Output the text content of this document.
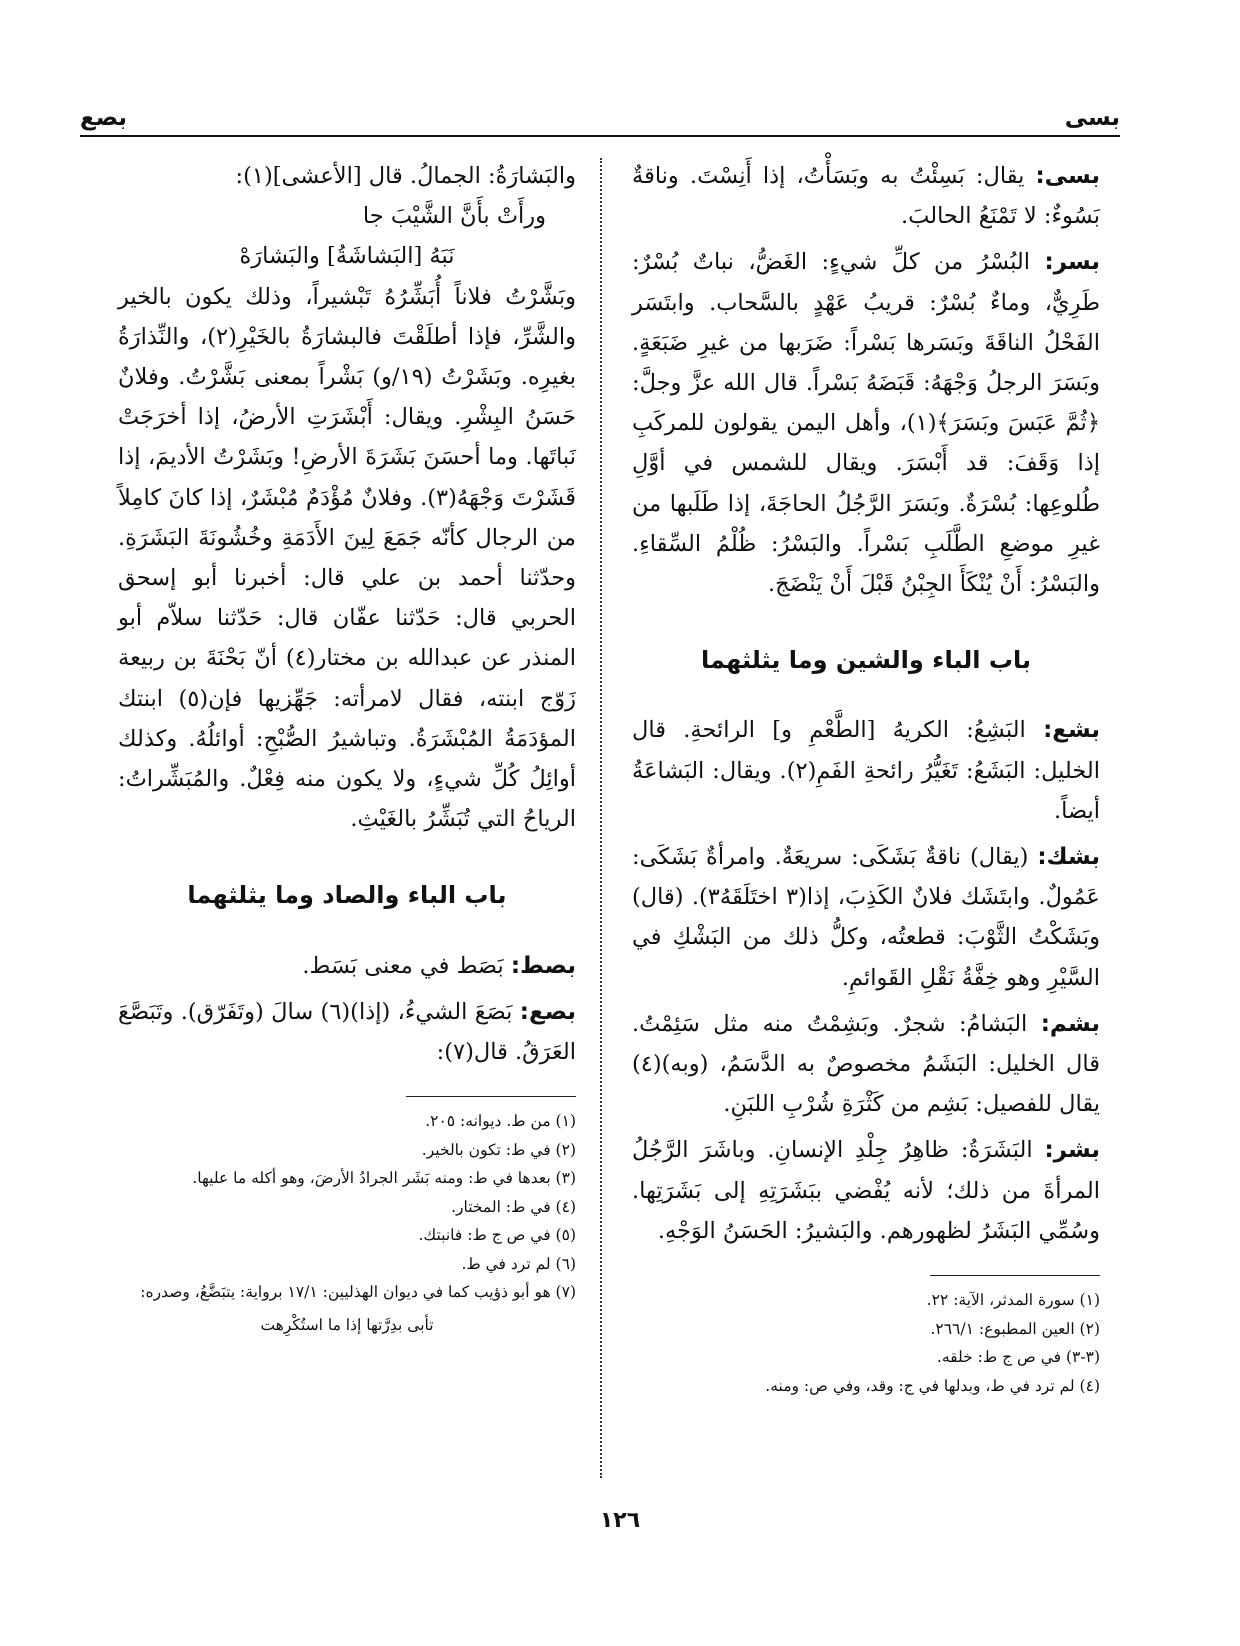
بسى
بصع
بسى: يقال: بَسِئْتُ به وبَسَأْتُ، إذا أَنِسْتَ. وناقةٌ بَسُوءٌ: لا تَمْنَعُ الحالبَ.
بسر: البُسْرُ من كلِّ شيءٍ: الغَضُّ، نباتٌ بُسْرٌ: طَرِيٌّ، وماءٌ بُسْرٌ: قريبُ عَهْدٍ بالسَّحاب. وابتَسَر الفَحْلُ الناقَةَ وبَسَرها بَسْراً: ضَرَبها من غيرِ ضَبَعَةٍ. وبَسَرَ الرجلُ وَجْهَهُ: قَبَضَهُ بَسْراً. قال الله عزَّ وجلَّ: ﴿ثُمَّ عَبَسَ وبَسَرَ﴾(١)، وأهل اليمن يقولون للمركَبِ إذا وَقَفَ: قد أَبْسَرَ. ويقال للشمس في أوَّلِ طُلوعِها: بُسْرَةٌ. وبَسَرَ الرَّجُلُ الحاجَةَ، إذا طَلَبها من غيرِ موضعِ الطَّلَبِ بَسْراً. والبَسْرُ: ظُلْمُ السِّقاءِ. والبَسْرُ: أَنْ يُنْكَأَ الجِبْنُ قَبْلَ أَنْ يَنْضَجَ.
باب الباء والشين وما يثلثهما
بشع: البَشِعُ: الكريهُ [الطَّعْمِ و] الرائحةِ. قال الخليل: البَشَعُ: تَغَيُّرُ رائحةِ الفَمِ(٢). ويقال: البَشاعَةُ أيضاً.
بشك: (يقال) ناقةٌ بَشَكَى: سريعَةٌ. وامرأةٌ بَشَكَى: عَمُولٌ. وابتَشَك فلانٌ الكَذِبَ، إذا(٣ اختَلَقَهُ٣). (قال) وبَشَكْتُ الثَّوْبَ: قطعتُه، وكلُّ ذلك من البَشْكِ في السَّيْرِ وهو خِفَّةُ نَقْلِ القَوائمِ.
بشم: البَشامُ: شجرٌ. وبَشِمْتُ منه مثل سَئِمْتُ. قال الخليل: البَشَمُ مخصوصٌ به الدَّسَمُ، (وبه)(٤) يقال للفصيل: بَشِم من كَثْرَةِ شُرْبِ اللبَنِ.
بشر: البَشَرَةُ: ظاهِرُ جِلْدِ الإنسانِ. وباشَرَ الرَّجُلُ المرأةَ من ذلك؛ لأنه يُفْضي ببَشَرَتِهِ إلى بَشَرَتِها. وسُمِّي البَشَرُ لظهورهم. والبَشيرُ: الحَسَنُ الوَجْهِ.
(١) سورة المدثر، الآية: ٢٢.
(٢) العين المطبوع: ٢٦٦/١.
(٣-٣) في ص ج ط: خلقه.
(٤) لم ترد في ط، وبدلها في ج: وقد، وفي ص: ومنه.

والبَشارَةُ: الجمالُ. قال [الأعشى](١):

ورأَتْ بأَنَّ الشَّيْبَ جا
نَبَهُ [البَشاشَةُ] والبَشارَهْ

وبَشَّرْتُ فلاناً أُبَشِّرُهُ تَبْشيراً، وذلك يكون بالخير والشَّرِّ، فإذا أطلَقْتَ فالبشارَةُ بالخَيْرِ(٢)، والنِّذارَةُ بغيرِه. وبَشَرْتُ (١٩/و) بَشْراً بمعنى بَشَّرْتُ. وفلانٌ حَسَنُ البِشْرِ. ويقال: أَبْشَرَتِ الأرضُ، إذا أخرَجَتْ نَباتَها. وما أحسَنَ بَشَرَةَ الأرضِ! وبَشَرْتُ الأديمَ، إذا قَشَرْتَ وَجْهَهُ(٣). وفلانٌ مُؤْدَمٌ مُبْشَرٌ، إذا كانَ كامِلاً من الرجال كأنّه جَمَعَ لِينَ الأَدَمَةِ وخُشُونَةَ البَشَرَةِ. وحدّثنا أحمد بن علي قال: أخبرنا أبو إسحق الحربي قال: حَدّثنا عفّان قال: حَدّثنا سلاّم أبو المنذر عن عبدالله بن مختار(٤) أنّ بَحْنَةَ بن ربيعة زَوّج ابنته، فقال لامرأته: جَهِّزيها فإن(٥) ابنتك المؤدَمَةُ المُبْشَرَةُ. وتباشيرُ الصُّبْحِ: أوائلُهُ. وكذلك أوائِلُ كُلِّ شيءٍ، ولا يكون منه فِعْلٌ. والمُبَشِّراتُ: الرياحُ التي تُبَشِّرُ بالغَيْثِ.

باب الباء والصاد وما يثلثهما
بصط: بَصَط في معنى بَسَط.
بصع: بَصَعَ الشيءُ، (إذا)(٦) سالَ (وتَفَرّق). وتَبَصَّعَ العَرَقُ. قال(٧):
(١) من ط. ديوانه: ٢٠٥.
(٢) في ط: تكون بالخير.
(٣) بعدها في ط: ومنه بَشَر الجرادُ الأرضَ، وهو أكله ما عليها.
(٤) في ط: المختار.
(٥) في ص ج ط: فانبتك.
(٦) لم ترد في ط.
(٧) هو أبو ذؤيب كما في ديوان الهذليين: ١٧/١ برواية: يتبَضَّعُ، وصدره:
تأبى بدِرَّتها إذا ما استُكْرِهت
١٢٦
